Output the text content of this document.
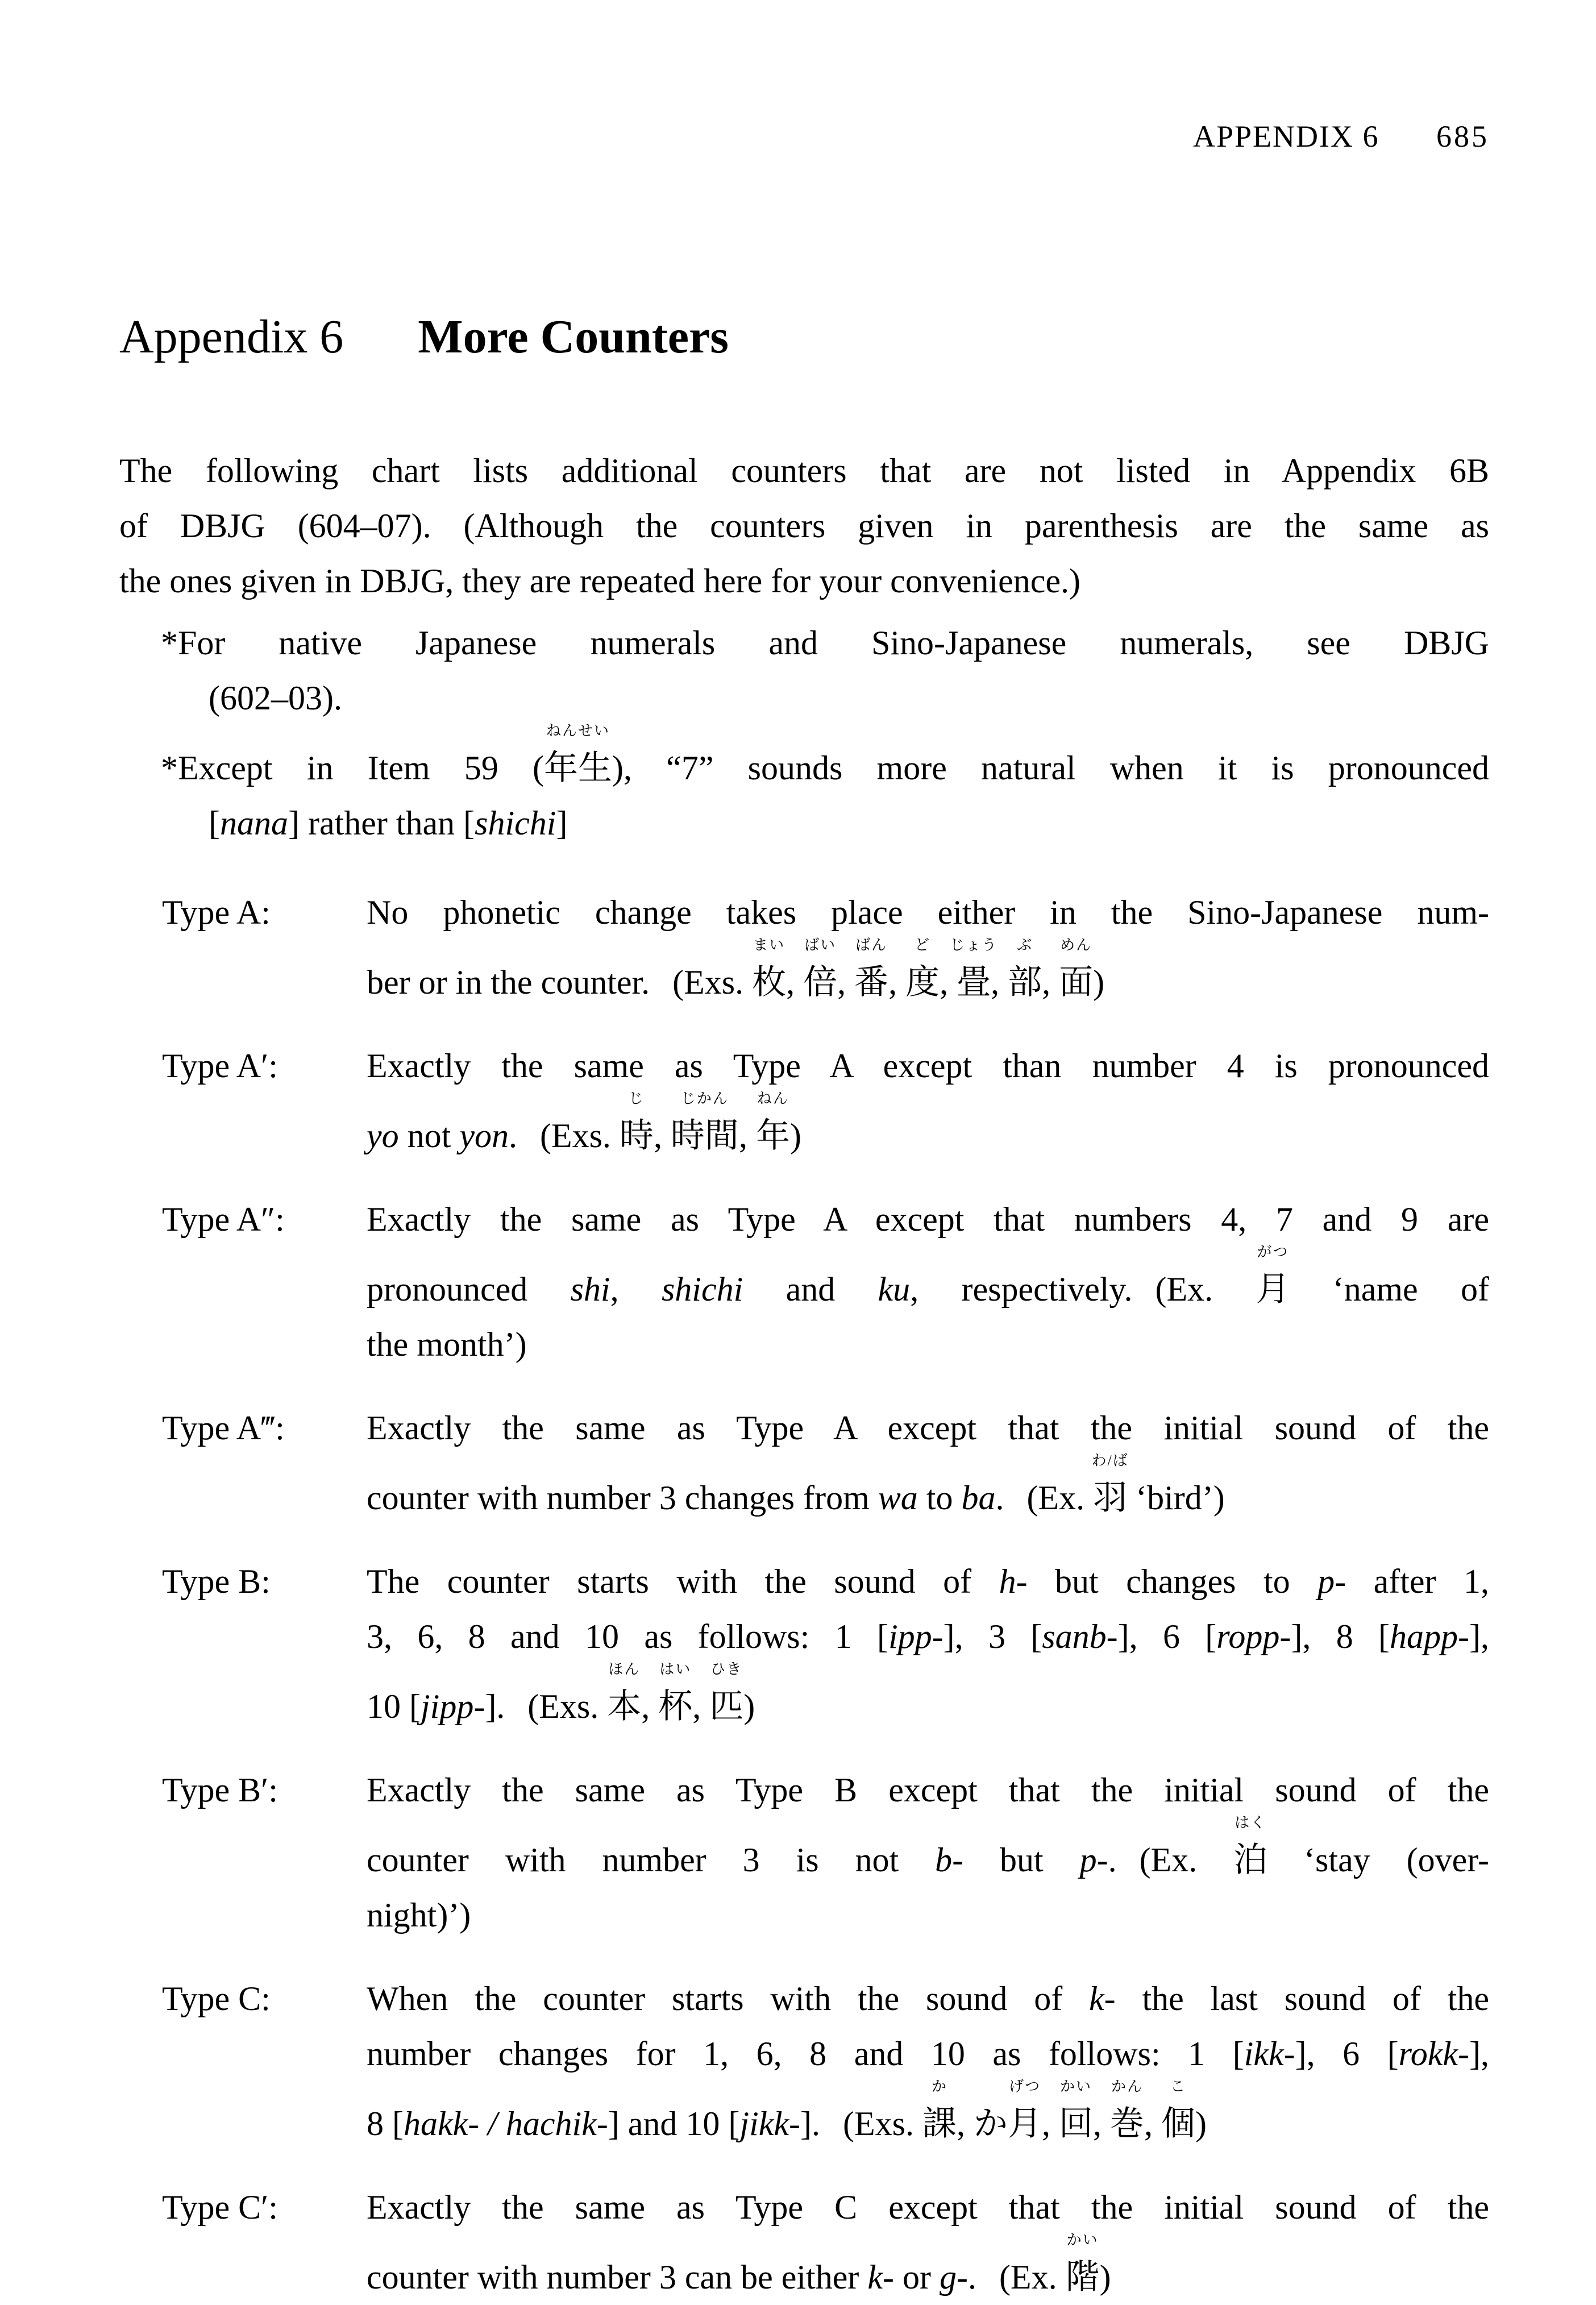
APPENDIX 6 685
Appendix 6 More Counters
The following chart lists additional counters that are not listed in Appendix 6B
of DBJG (604–07). (Although the counters given in parenthesis are the same as
the ones given in DBJG, they are repeated here for your convenience.)
*For native Japanese numerals and Sino-Japanese numerals, see DBJG
(602–03).
*Except in Item 59 (年生
ねんせい
), “7” sounds more natural when it is pronounced
[nana] rather than [shichi]
Type A:	No phonetic change takes place either in the Sino-Japanese num-
ber or in the counter. (Exs. 枚
まい
, 倍
ばい
, 番
ばん
, 度
ど
, 畳
じょう
, 部
ぶ
, 面
めん
)
Type A′:	Exactly the same as Type A except than number 4 is pronounced
yo not yon. (Exs. 時
じ
, 時間
じかん
, 年
ねん
)
Type A″:	Exactly the same as Type A except that numbers 4, 7 and 9 are
pronounced shi, shichi and ku, respectively. (Ex. 月
がつ
‘name of
the month’)
Type A‴:	Exactly the same as Type A except that the initial sound of the
counter with number 3 changes from wa to ba. (Ex. 羽
わ/ば
‘bird’)
Type B:	The counter starts with the sound of h- but changes to p- after 1,
3, 6, 8 and 10 as follows: 1 [ipp-], 3 [sanb-], 6 [ropp-], 8 [happ-],
10 [jipp-]. (Exs. 本
ほん
, 杯
はい
, 匹
ひき
)
Type B′:	Exactly the same as Type B except that the initial sound of the
counter with number 3 is not b- but p-. (Ex. 泊
はく
‘stay (over-
night)’)
Type C:	When the counter starts with the sound of k- the last sound of the
number changes for 1, 6, 8 and 10 as follows: 1 [ikk-], 6 [rokk-],
8 [hakk- / hachik-] and 10 [jikk-]. (Exs. 課
か
, か月
げつ
, 回
かい
, 巻
かん
, 個
こ
)
Type C′:	Exactly the same as Type C except that the initial sound of the
counter with number 3 can be either k- or g-. (Ex. 階
かい
)
